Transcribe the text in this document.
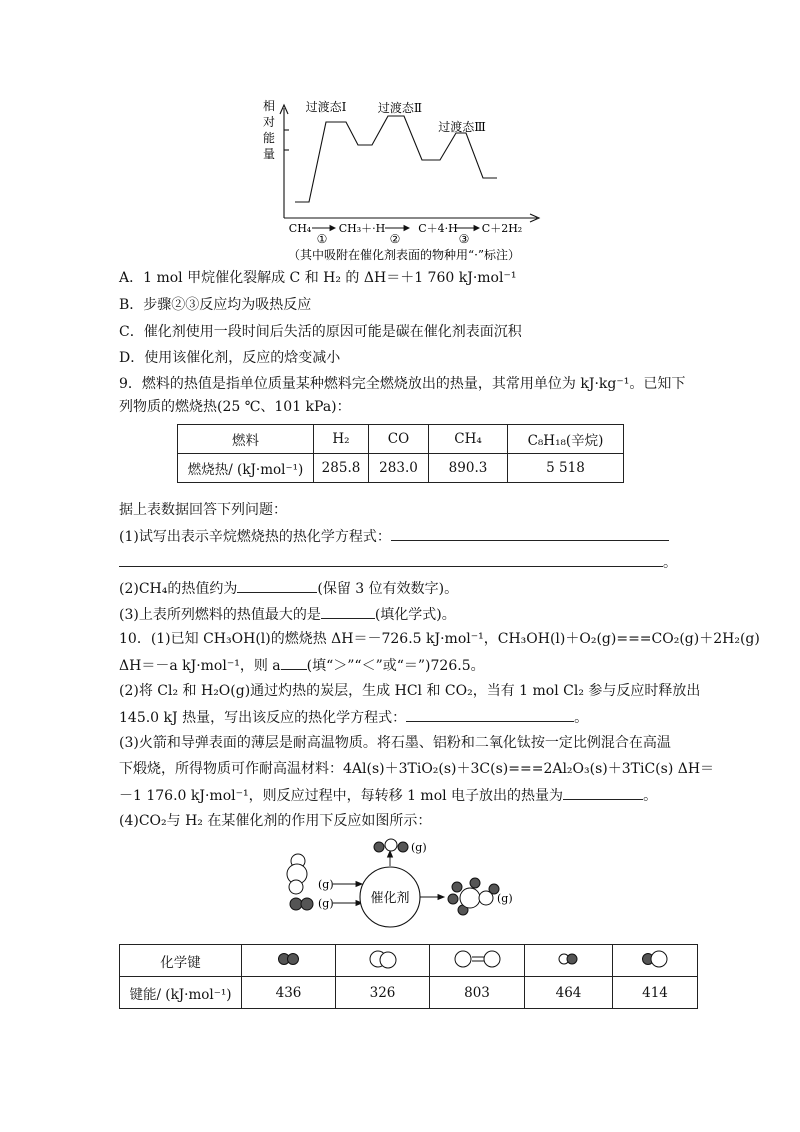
相
对
能
量
过渡态Ⅰ	过渡态Ⅱ
过渡态Ⅲ
CH₄	CH₃＋·H	C＋4·H C＋2H₂
①	②	③
（其中吸附在催化剂表面的物种用“·”标注）
A．1 mol 甲烷催化裂解成 C 和 H₂ 的 ΔH＝＋1 760 kJ·mol⁻¹
B．步骤②③反应均为吸热反应
C．催化剂使用一段时间后失活的原因可能是碳在催化剂表面沉积
D．使用该催化剂，反应的焓变减小
9．燃料的热值是指单位质量某种燃料完全燃烧放出的热量，其常用单位为 kJ·kg⁻¹。已知下
列物质的燃烧热(25 ℃、101 kPa)：
燃料	H₂	CO	CH₄	C₈H₁₈(辛烷)
燃烧热/ (kJ·mol⁻¹)	285.8	283.0	890.3	5 518
据上表数据回答下列问题：
(1)试写出表示辛烷燃烧热的热化学方程式：
。
(2)CH₄的热值约为	(保留 3 位有效数字)。
(3)上表所列燃料的热值最大的是	(填化学式)。
10．(1)已知 CH₃OH(l)的燃烧热 ΔH＝－726.5 kJ·mol⁻¹，CH₃OH(l)＋O₂(g)===CO₂(g)＋2H₂(g)
ΔH＝－a kJ·mol⁻¹，则 a (填“＞”“＜”或“＝”)726.5。
(2)将 Cl₂ 和 H₂O(g)通过灼热的炭层，生成 HCl 和 CO₂，当有 1 mol Cl₂ 参与反应时释放出
145.0 kJ 热量，写出该反应的热化学方程式：	。
(3)火箭和导弹表面的薄层是耐高温物质。将石墨、铝粉和二氧化钛按一定比例混合在高温
下煅烧，所得物质可作耐高温材料：4Al(s)＋3TiO₂(s)＋3C(s)===2Al₂O₃(s)＋3TiC(s) ΔH＝
－1 176.0 kJ·mol⁻¹，则反应过程中，每转移 1 mol 电子放出的热量为	。
(4)CO₂与 H₂ 在某催化剂的作用下反应如图所示：
(g)
(g)	催化剂
(g)
(g)
化学键					
键能/ (kJ·mol⁻¹)	436	326	803	464	414
